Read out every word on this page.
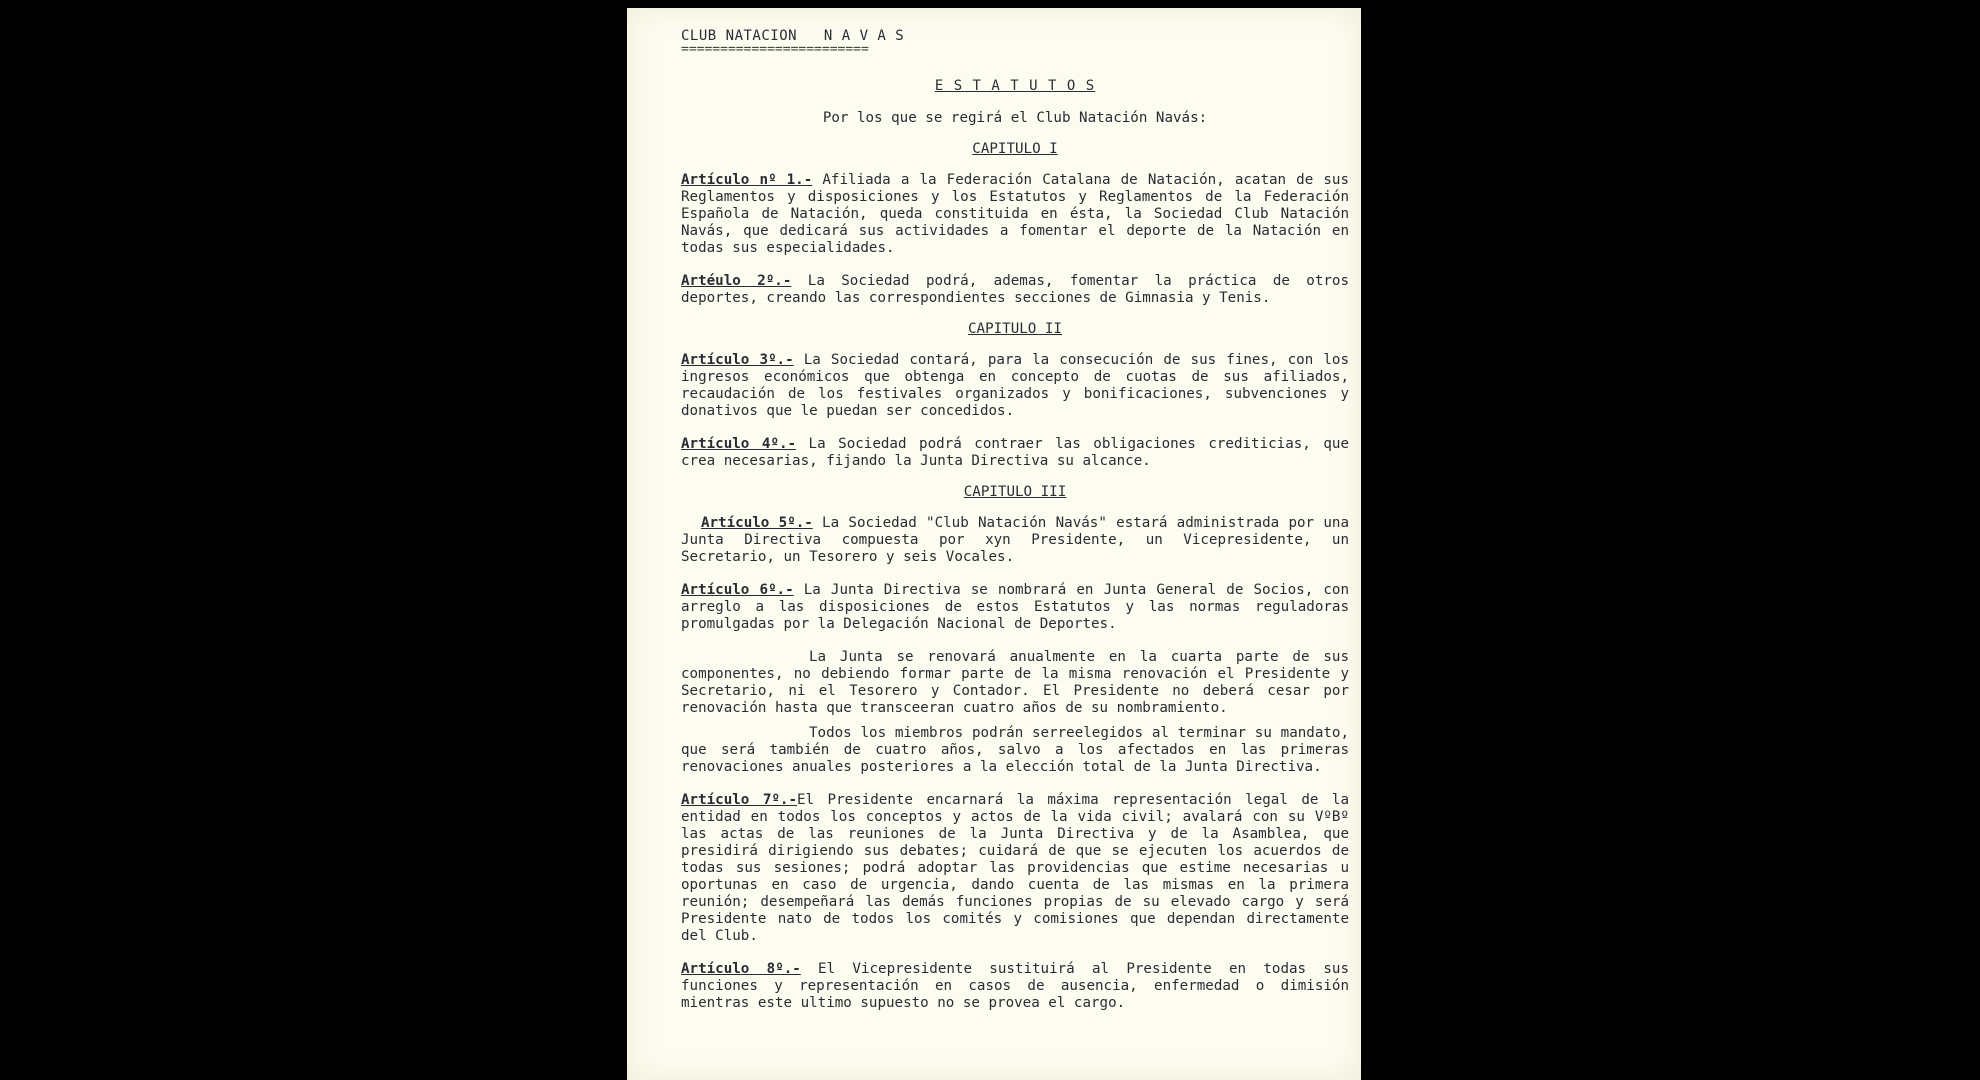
CLUB NATACION   N A V A S
========================
E S T A T U T O S
Por los que se regirá el Club Natación Navás:
CAPITULO I
Artículo nº 1.- Afiliada a la Federación Catalana de Natación, acatan de sus Reglamentos y disposiciones y los Estatutos y Reglamentos de la Federación Española de Natación, queda constituida en ésta, la Sociedad Club Natación Navás, que dedicará sus actividades a fomentar el deporte de la Natación en todas sus especialidades.
Artéulo 2º.- La Sociedad podrá, ademas, fomentar la práctica de otros deportes, creando las correspondientes secciones de Gimnasia y Tenis.
CAPITULO II
Artículo 3º.- La Sociedad contará, para la consecución de sus fines, con los ingresos económicos que obtenga en concepto de cuotas de sus afiliados, recaudación de los festivales organizados y bonificaciones, subvenciones y donativos que le puedan ser concedidos.
Artículo 4º.- La Sociedad podrá contraer las obligaciones crediticias, que crea necesarias, fijando la Junta Directiva su alcance.
CAPITULO III
Artículo 5º.- La Sociedad "Club Natación Navás" estará administrada por una Junta Directiva compuesta por xyn Presidente, un Vicepresidente, un Secretario, un Tesorero y seis Vocales.
Artículo 6º.- La Junta Directiva se nombrará en Junta General de Socios, con arreglo a las disposiciones de estos Estatutos y las normas reguladoras promulgadas por la Delegación Nacional de Deportes.
La Junta se renovará anualmente en la cuarta parte de sus componentes, no debiendo formar parte de la misma renovación el Presidente y Secretario, ni el Tesorero y Contador. El Presidente no deberá cesar por renovación hasta que transceeran cuatro años de su nombramiento.
Todos los miembros podrán serreelegidos al terminar su mandato, que será también de cuatro años, salvo a los afectados en las primeras renovaciones anuales posteriores a la elección total de la Junta Directiva.
Artículo 7º.-El Presidente encarnará la máxima representación legal de la entidad en todos los conceptos y actos de la vida civil; avalará con su VºBº las actas de las reuniones de la Junta Directiva y de la Asamblea, que presidirá dirigiendo sus debates; cuidará de que se ejecuten los acuerdos de todas sus sesiones; podrá adoptar las providencias que estime necesarias u oportunas en caso de urgencia, dando cuenta de las mismas en la primera reunión; desempeñará las demás funciones propias de su elevado cargo y será Presidente nato de todos los comités y comisiones que dependan directamente del Club.
Artículo 8º.- El Vicepresidente sustituirá al Presidente en todas sus funciones y representación en casos de ausencia, enfermedad o dimisión mientras este ultimo supuesto no se provea el cargo.
